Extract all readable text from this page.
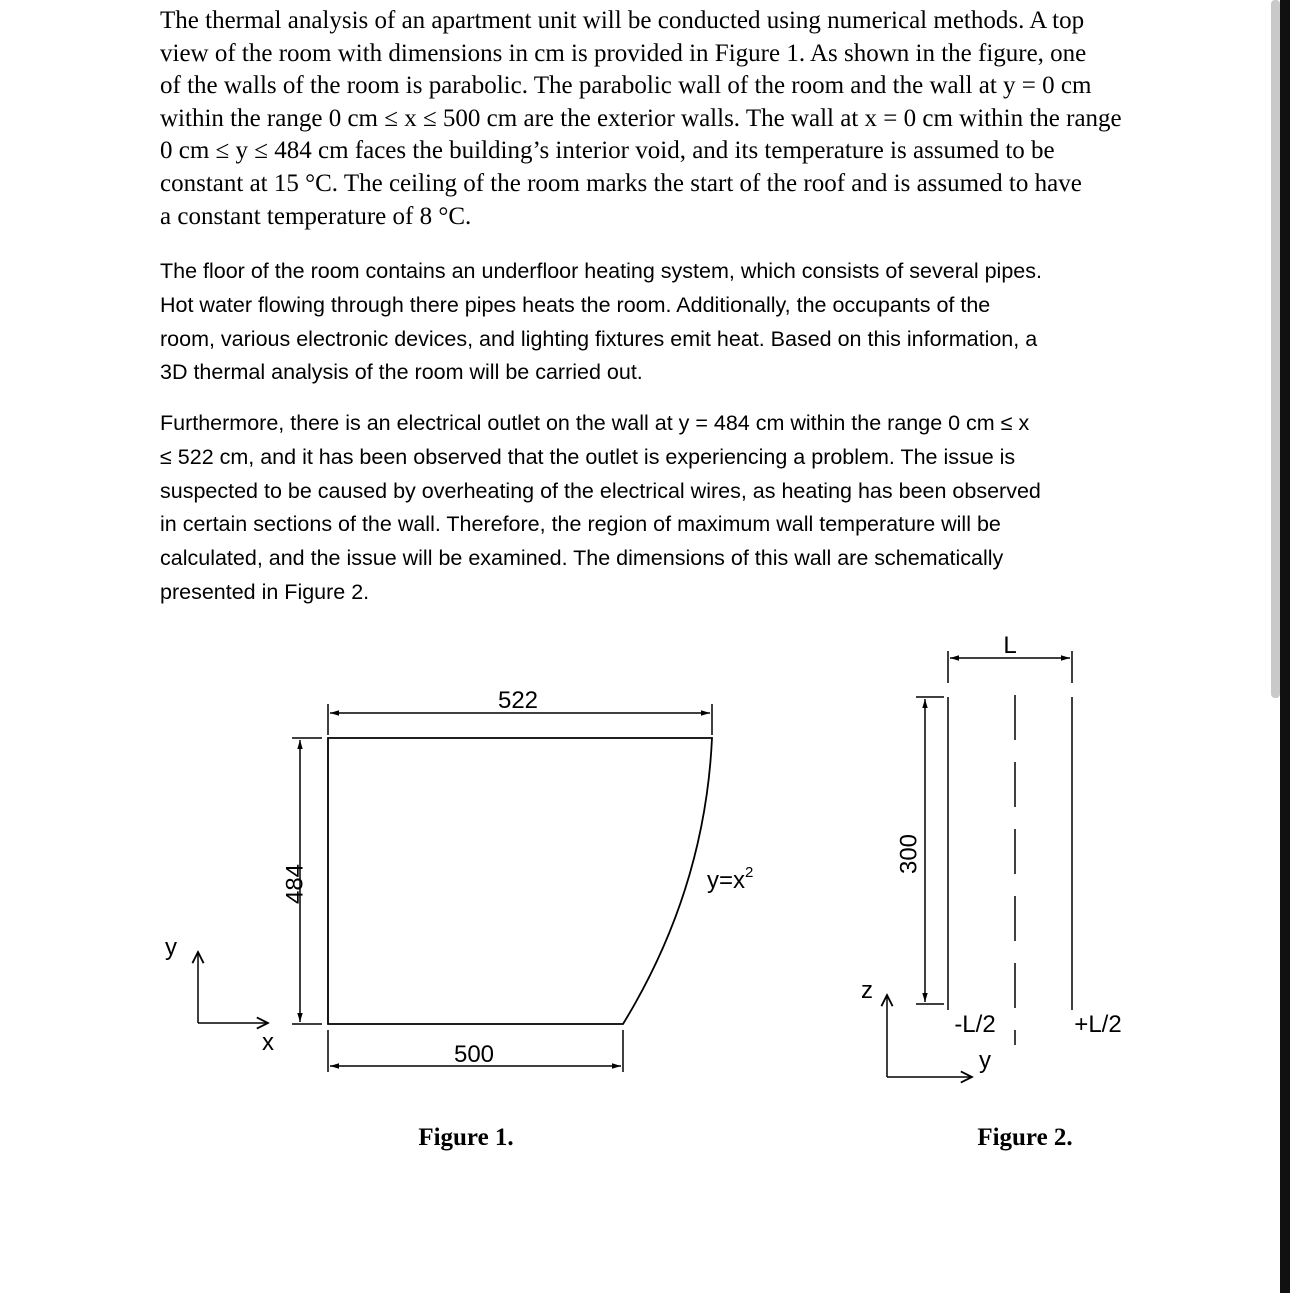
The thermal analysis of an apartment unit will be conducted using numerical methods. A top
view of the room with dimensions in cm is provided in Figure 1. As shown in the figure, one
of the walls of the room is parabolic. The parabolic wall of the room and the wall at y = 0 cm
within the range 0 cm ≤ x ≤ 500 cm are the exterior walls. The wall at x = 0 cm within the range
0 cm ≤ y ≤ 484 cm faces the building’s interior void, and its temperature is assumed to be
constant at 15 °C. The ceiling of the room marks the start of the roof and is assumed to have
a constant temperature of 8 °C.
The floor of the room contains an underfloor heating system, which consists of several pipes.
Hot water flowing through there pipes heats the room. Additionally, the occupants of the
room, various electronic devices, and lighting fixtures emit heat. Based on this information, a
3D thermal analysis of the room will be carried out.
Furthermore, there is an electrical outlet on the wall at y = 484 cm within the range 0 cm ≤ x
≤ 522 cm, and it has been observed that the outlet is experiencing a problem. The issue is
suspected to be caused by overheating of the electrical wires, as heating has been observed
in certain sections of the wall. Therefore, the region of maximum wall temperature will be
calculated, and the issue will be examined. The dimensions of this wall are schematically
presented in Figure 2.
522
500
484	$y=x^2$
y
x
Figure 1.
L
300
-L/2	+L/2
z
y
Figure 2.
